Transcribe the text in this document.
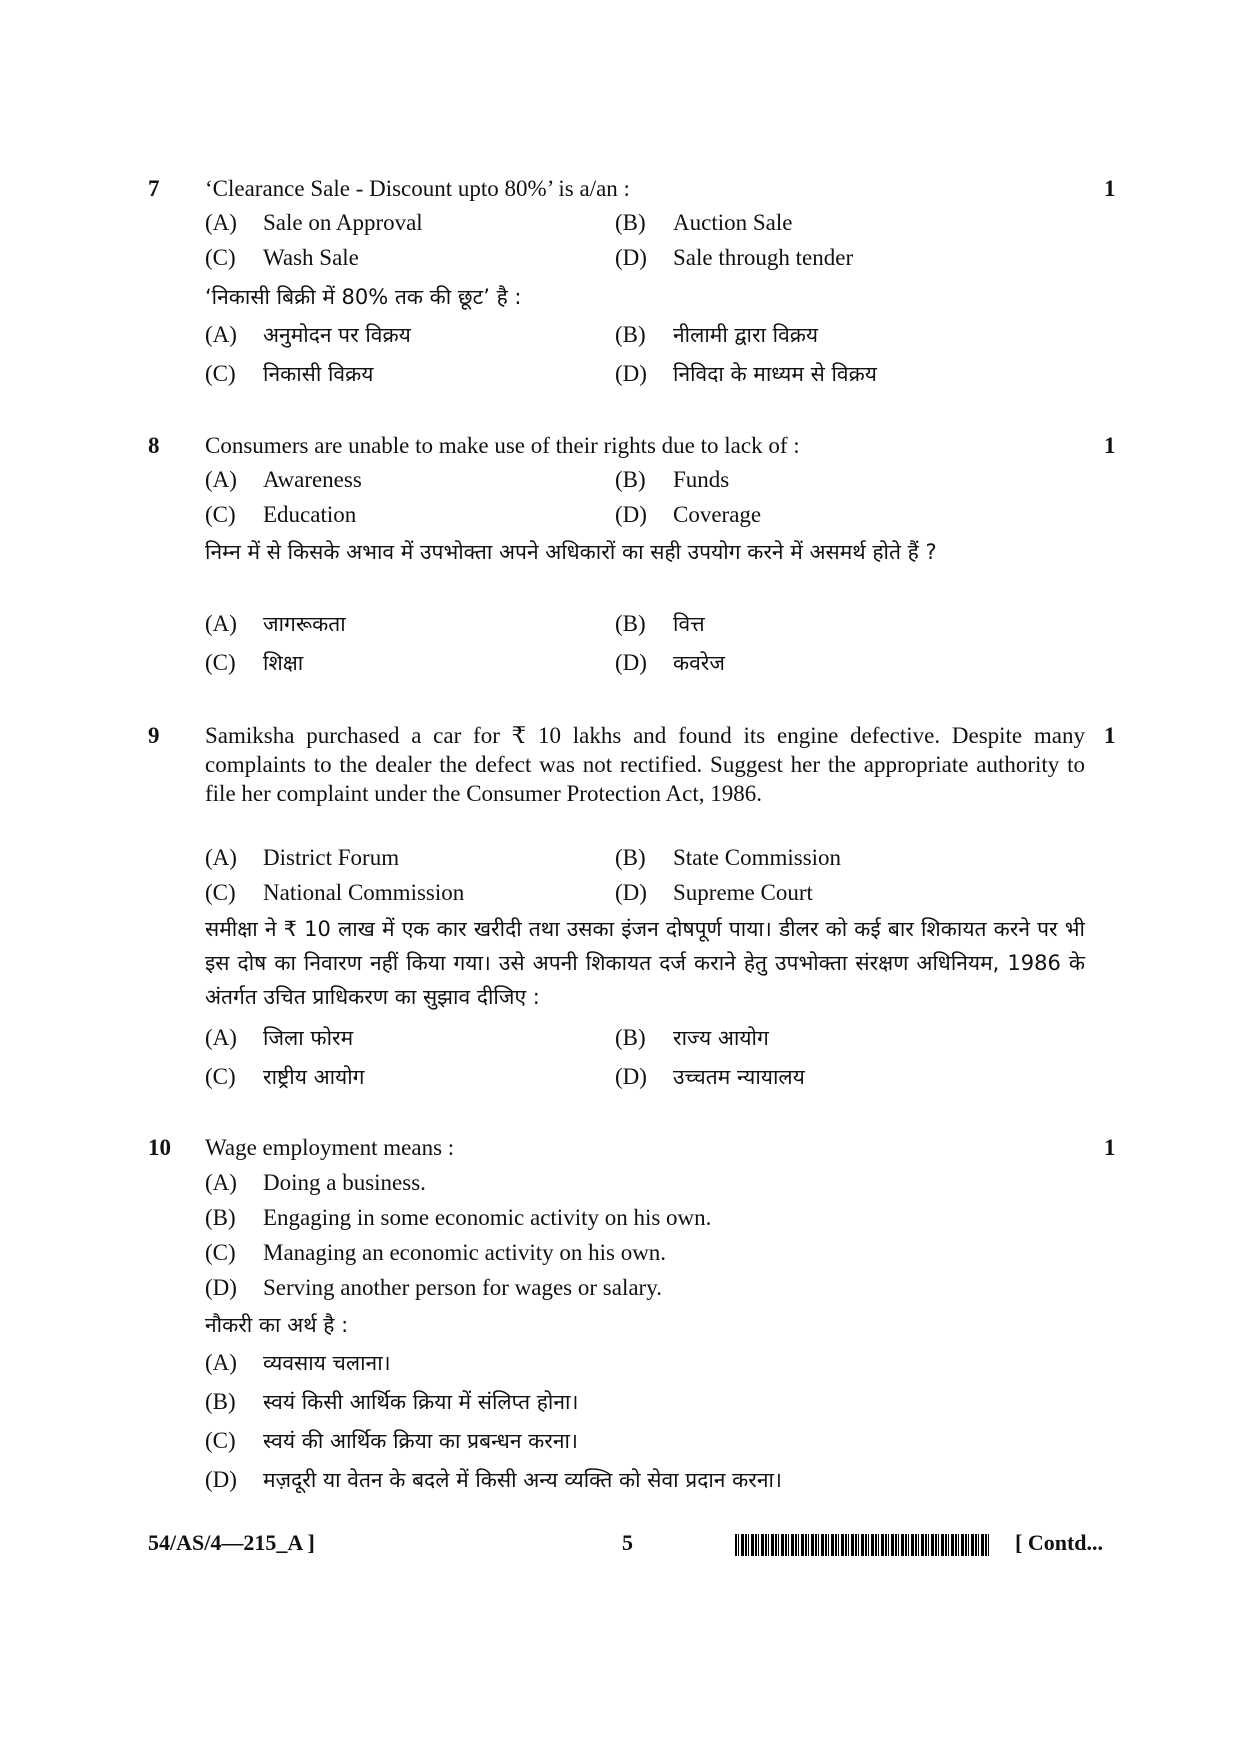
7	1
‘Clearance Sale - Discount upto 80%’ is a/an :
(A) Sale on Approval	(B) Auction Sale
(C) Wash Sale	(D) Sale through tender
‘निकासी बिक्री में 80% तक की छूट’ है :
(A) अनुमोदन पर विक्रय	(B) नीलामी द्वारा विक्रय
(C) निकासी विक्रय	(D) निविदा के माध्यम से विक्रय
8	1
Consumers are unable to make use of their rights due to lack of :
(A) Awareness	(B) Funds
(C) Education	(D) Coverage
निम्न में से किसके अभाव में उपभोक्ता अपने अधिकारों का सही उपयोग करने में असमर्थ होते हैं ?
(A) जागरूकता	(B) वित्त
(C) शिक्षा	(D) कवरेज
9	1
Samiksha purchased a car for ₹ 10 lakhs and found its engine defective. Despite many complaints to the dealer the defect was not rectified. Suggest her the appropriate authority to file her complaint under the Consumer Protection Act, 1986.
(A) District Forum	(B) State Commission
(C) National Commission	(D) Supreme Court
समीक्षा ने ₹ 10 लाख में एक कार खरीदी तथा उसका इंजन दोषपूर्ण पाया। डीलर को कई बार शिकायत करने पर भी इस दोष का निवारण नहीं किया गया। उसे अपनी शिकायत दर्ज कराने हेतु उपभोक्ता संरक्षण अधिनियम, 1986 के अंतर्गत उचित प्राधिकरण का सुझाव दीजिए :
(A) जिला फोरम	(B) राज्य आयोग
(C) राष्ट्रीय आयोग	(D) उच्चतम न्यायालय
10	1
Wage employment means :
(A) Doing a business.
(B) Engaging in some economic activity on his own.
(C) Managing an economic activity on his own.
(D) Serving another person for wages or salary.
नौकरी का अर्थ है :
(A) व्यवसाय चलाना।
(B) स्वयं किसी आर्थिक क्रिया में संलिप्त होना।
(C) स्वयं की आर्थिक क्रिया का प्रबन्धन करना।
(D) मज़दूरी या वेतन के बदले में किसी अन्य व्यक्ति को सेवा प्रदान करना।
54/AS/4—215_A ]	5	[ Contd...
